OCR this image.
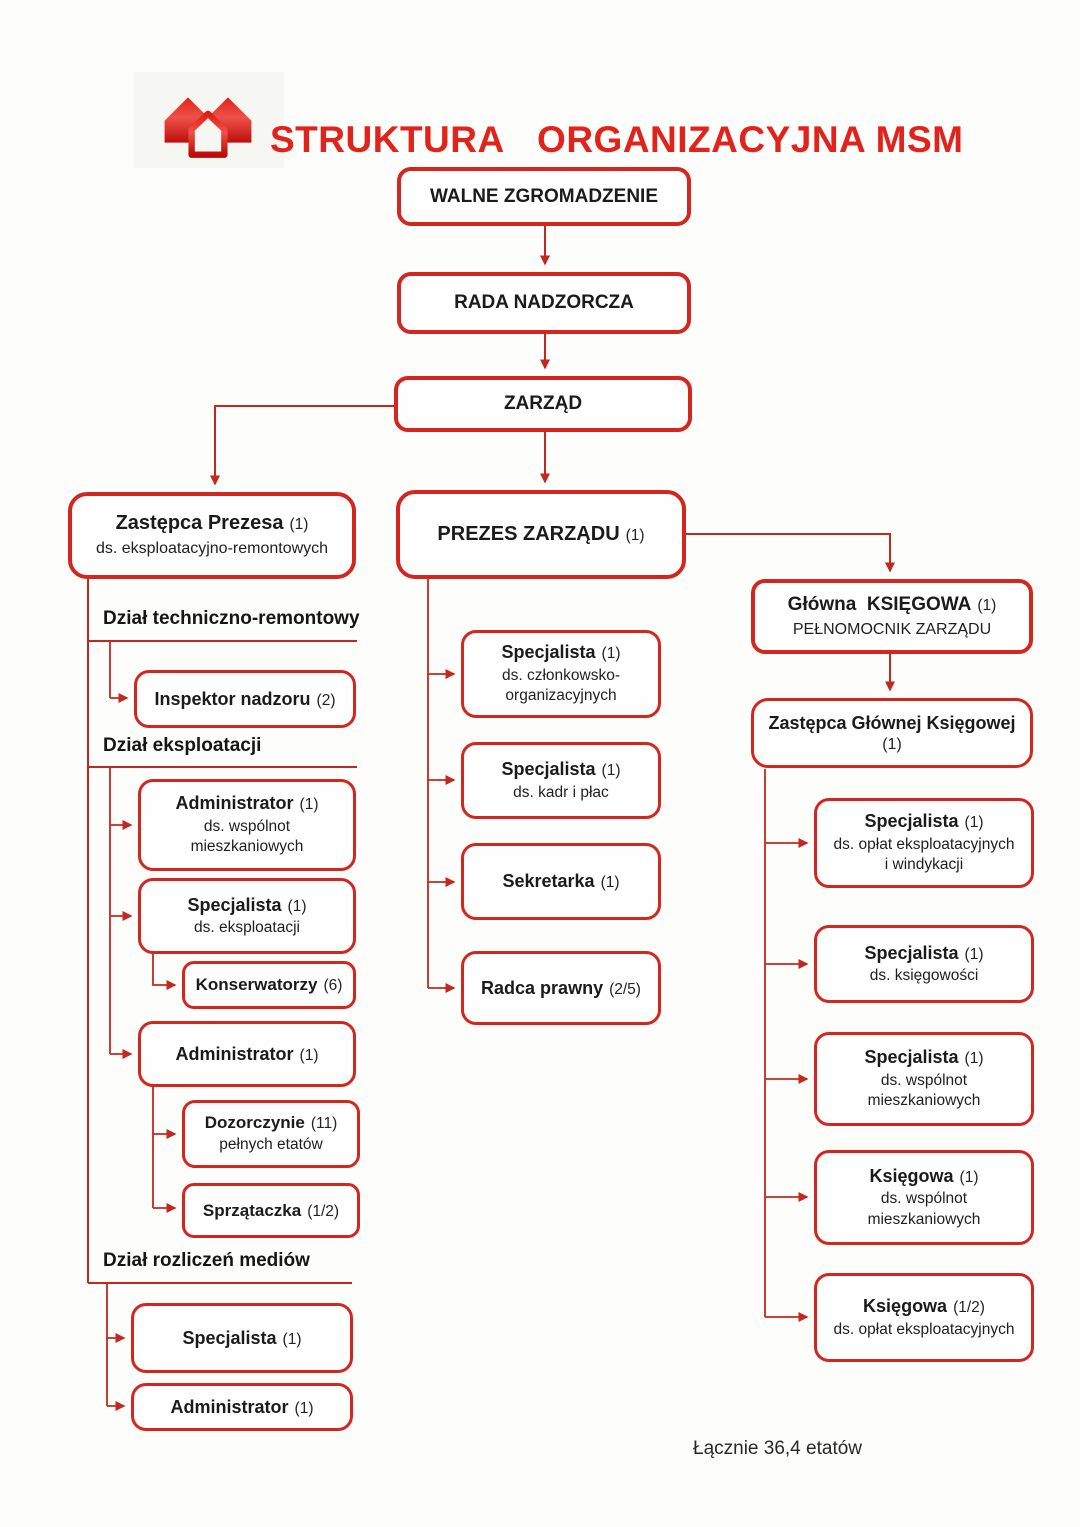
STRUKTURA   ORGANIZACYJNA MSM
WALNE ZGROMADZENIE
RADA NADZORCZA
ZARZĄD
Zastępca Prezesa (1)
ds. eksploatacyjno-remontowych
PREZES ZARZĄDU (1)
Główna  KSIĘGOWA (1)
PEŁNOMOCNIK ZARZĄDU
Zastępca Głównej Księgowej
(1)
Dział techniczno-remontowy
Dział eksploatacji
Dział rozliczeń mediów
Inspektor nadzoru (2)
Administrator (1)
ds. wspólnot mieszkaniowych
Specjalista (1)
ds. eksploatacji
Konserwatorzy (6)
Administrator (1)
Dozorczynie (11)
pełnych etatów
Sprzątaczka (1/2)
Specjalista (1)
Administrator (1)
Specjalista (1)
ds. członkowsko-organizacyjnych
Specjalista (1)
ds. kadr i płac
Sekretarka (1)
Radca prawny (2/5)
Specjalista (1)
ds. opłat eksploatacyjnych i windykacji
Specjalista (1)
ds. księgowości
Specjalista (1)
ds. wspólnot mieszkaniowych
Księgowa (1)
ds. wspólnot mieszkaniowych
Księgowa (1/2)
ds. opłat eksploatacyjnych
Łącznie 36,4 etatów
